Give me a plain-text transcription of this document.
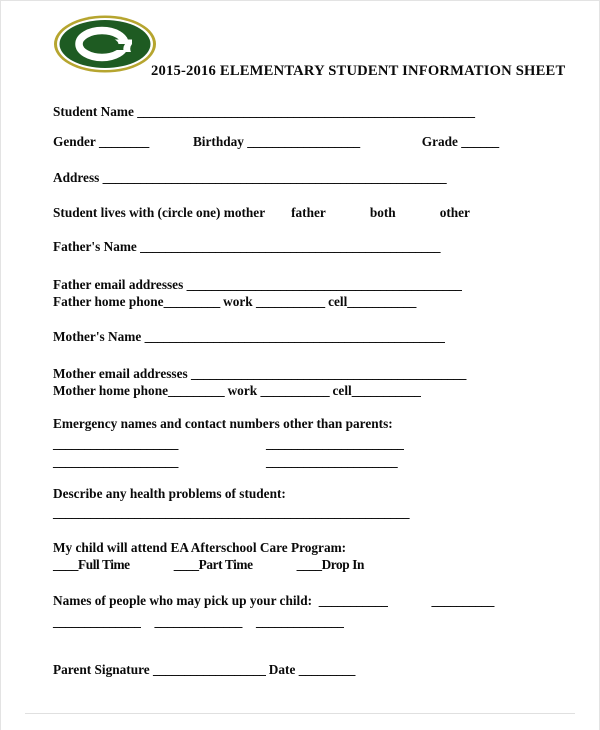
2015-2016 ELEMENTARY STUDENT INFORMATION SHEET
Student Name ______________________________________________________
Gender ________	Birthday __________________	Grade ______
Address _______________________________________________________
Student lives with (circle one) mother father	both	other
Father's Name ________________________________________________
Father email addresses ____________________________________________
Father home phone_________ work ___________ cell___________
Mother's Name ________________________________________________
Mother email addresses ____________________________________________
Mother home phone_________ work ___________ cell___________
Emergency names and contact numbers other than parents:
____________________	______________________
____________________	_____________________
Describe any health problems of student:
_________________________________________________________
My child will attend EA Afterschool Care Program:
____Full Time	____Part Time	____Drop In
Names of people who may pick up your child:  ___________	__________
______________ ______________ ______________
Parent Signature __________________ Date _________
